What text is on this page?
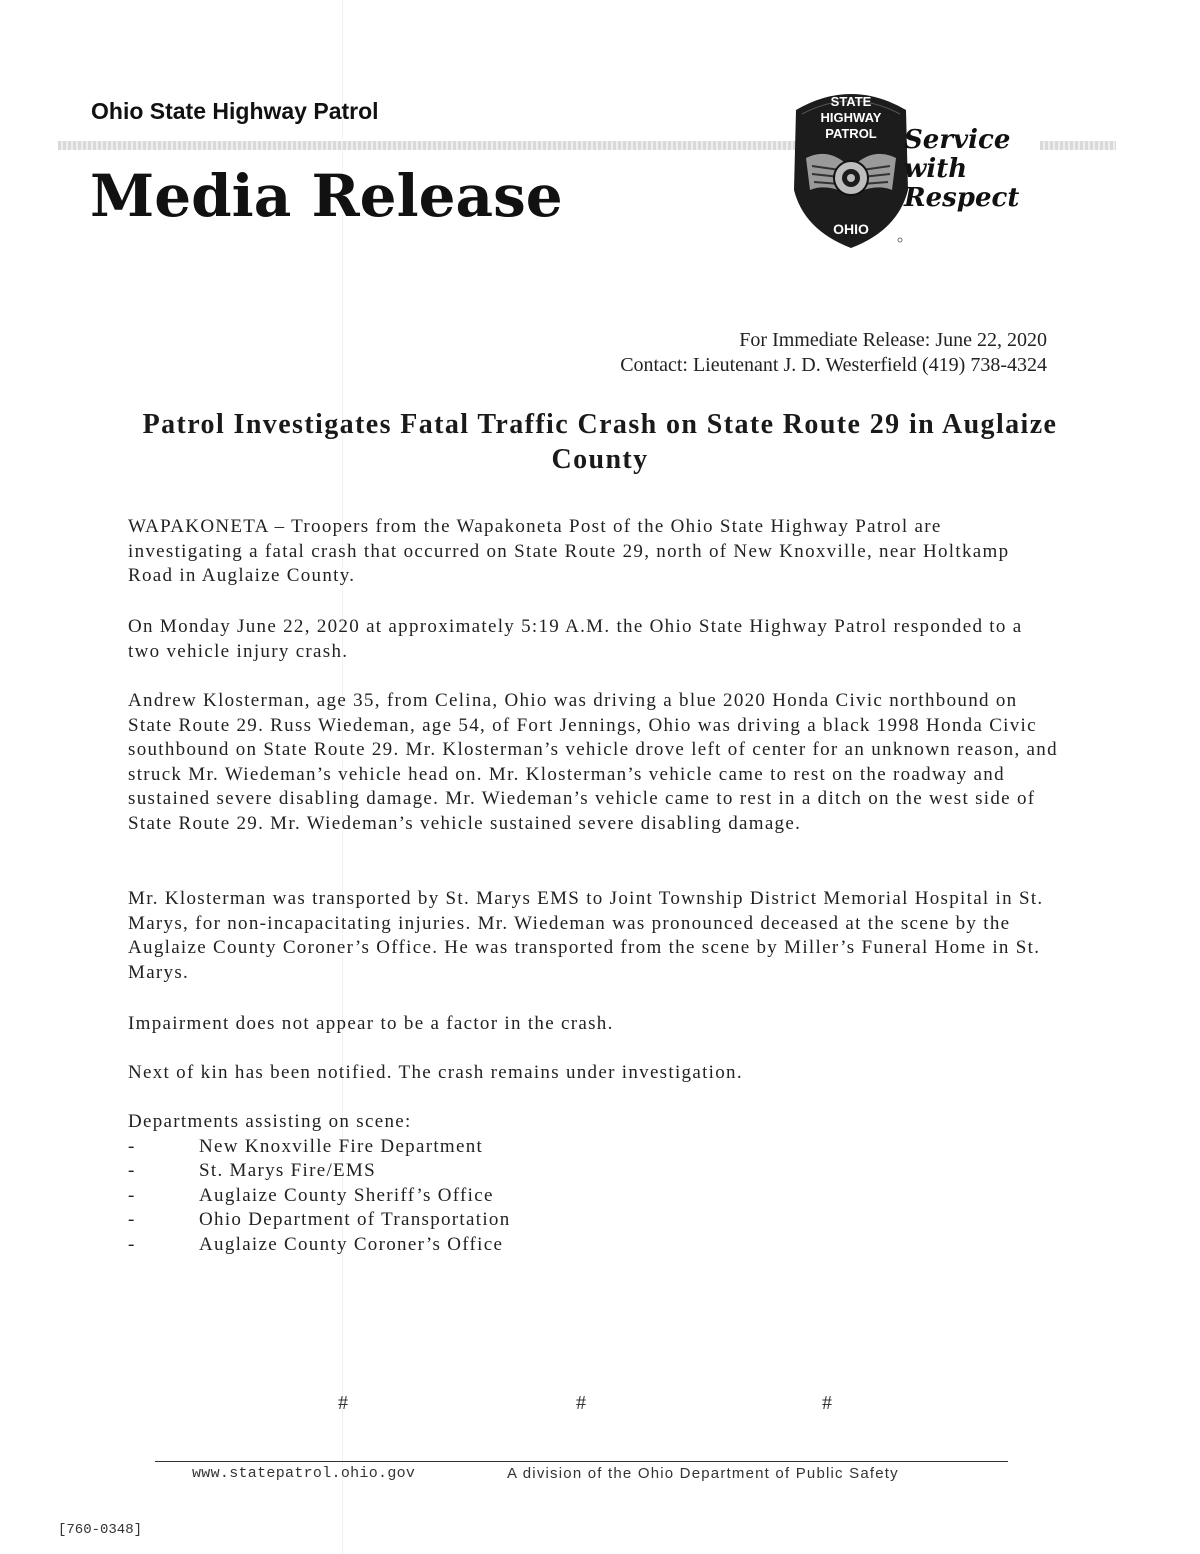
Ohio State Highway Patrol
Media Release
STATE
HIGHWAY
PATROL
OHIO
Service
with
Respect
For Immediate Release: June 22, 2020
Contact: Lieutenant J. D. Westerfield (419) 738-4324
Patrol Investigates Fatal Traffic Crash on State Route 29 in Auglaize County

WAPAKONETA – Troopers from the Wapakoneta Post of the Ohio State Highway Patrol are investigating a fatal crash that occurred on State Route 29, north of New Knoxville, near Holtkamp Road in Auglaize County.

On Monday June 22, 2020 at approximately 5:19 A.M. the Ohio State Highway Patrol responded to a two vehicle injury crash.

Andrew Klosterman, age 35, from Celina, Ohio was driving a blue 2020 Honda Civic northbound on State Route 29. Russ Wiedeman, age 54, of Fort Jennings, Ohio was driving a black 1998 Honda Civic southbound on State Route 29. Mr. Klosterman’s vehicle drove left of center for an unknown reason, and struck Mr. Wiedeman’s vehicle head on. Mr. Klosterman’s vehicle came to rest on the roadway and sustained severe disabling damage. Mr. Wiedeman’s vehicle came to rest in a ditch on the west side of State Route 29. Mr. Wiedeman’s vehicle sustained severe disabling damage.

Mr. Klosterman was transported by St. Marys EMS to Joint Township District Memorial Hospital in St. Marys, for non-incapacitating injuries. Mr. Wiedeman was pronounced deceased at the scene by the Auglaize County Coroner’s Office. He was transported from the scene by Miller’s Funeral Home in St. Marys.

Impairment does not appear to be a factor in the crash.

Next of kin has been notified. The crash remains under investigation.

Departments assisting on scene:
-	New Knoxville Fire Department
-	St. Marys Fire/EMS
-	Auglaize County Sheriff’s Office
-	Ohio Department of Transportation
-	Auglaize County Coroner’s Office
#	#	#
www.statepatrol.ohio.gov	A division of the Ohio Department of Public Safety
[760-0348]
